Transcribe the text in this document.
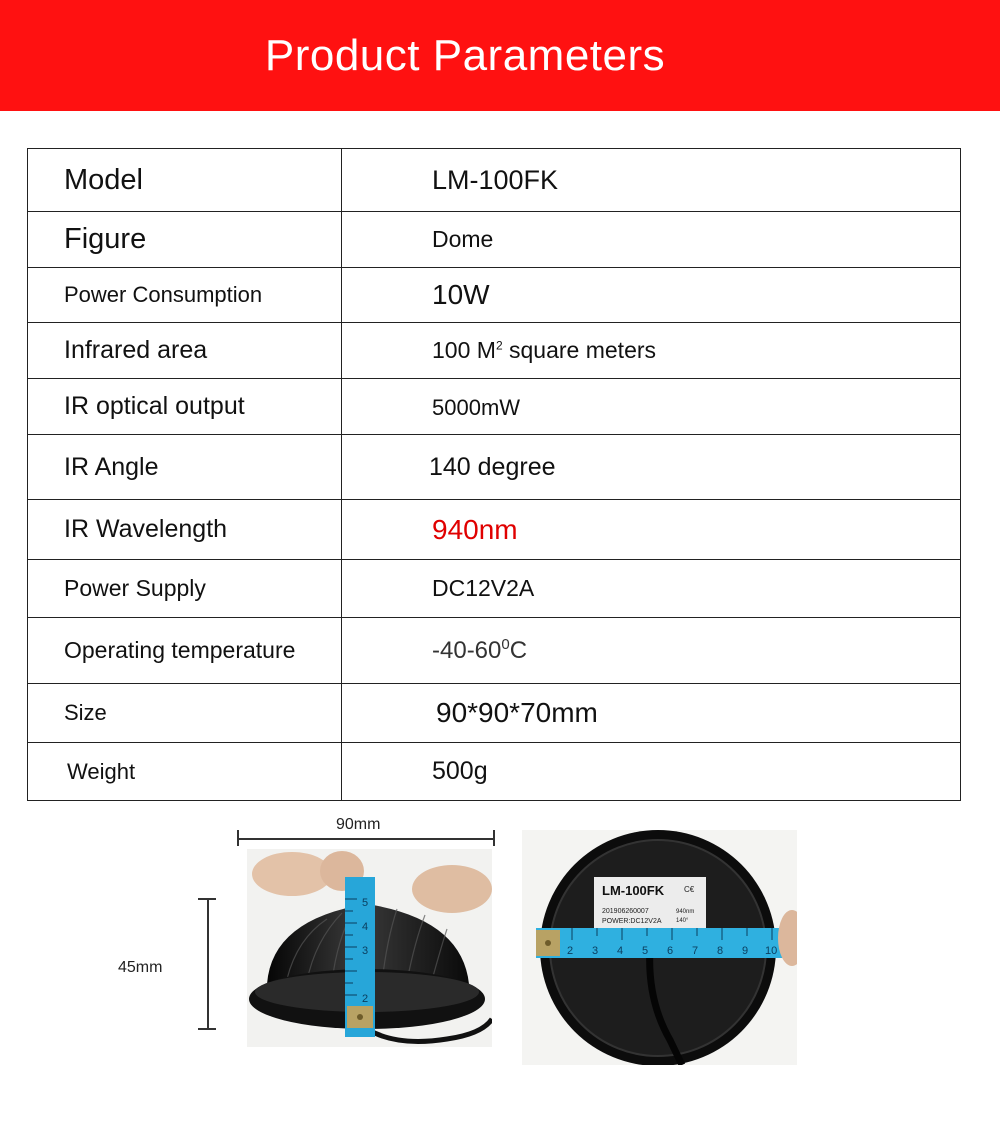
Product Parameters
Model	LM-100FK
Figure	Dome
Power Consumption	10W
Infrared area	100 $M^2$ square meters
IR optical output	5000mW
IR Angle	140 degree
IR Wavelength	940nm
Power Supply	DC12V2A
Operating temperature	$-40-60^0C$
Size	90*90*70mm
Weight	500g
90mm
45mm
5
4
3
2
LM-100FK C€
201906260007
POWER:DC12V2A
940nm
140°
2 3 4 5 6 7 8 9 10
